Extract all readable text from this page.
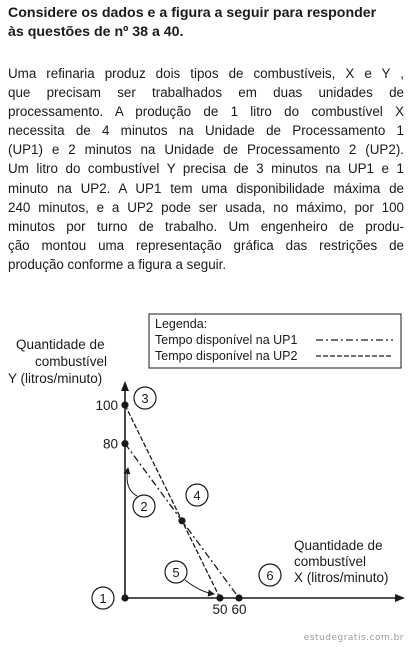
Considere os dados e a figura a seguir para responder
às questões de nº 38 a 40.
Uma refinaria produz dois tipos de combustíveis, X e Y ,
que precisam ser trabalhados em duas unidades de
processamento. A produção de 1 litro do combustível X
necessita de 4 minutos na Unidade de Processamento 1
(UP1) e 2 minutos na Unidade de Processamento 2 (UP2).
Um litro do combustível Y precisa de 3 minutos na UP1 e 1
minuto na UP2. A UP1 tem uma disponibilidade máxima de
240 minutos, e a UP2 pode ser usada, no máximo, por 100
minutos por turno de trabalho. Um engenheiro de produ-
ção montou uma representação gráfica das restrições de
produção conforme a figura a seguir.
Legenda:
Tempo disponível na UP1
Tempo disponível na UP2
Quantidade de
combustível
Y (litros/minuto)
Quantidade de
combustível
X (litros/minuto)
80
100
50 60
1
2
3
4
5	6
estudegratis.com.br
